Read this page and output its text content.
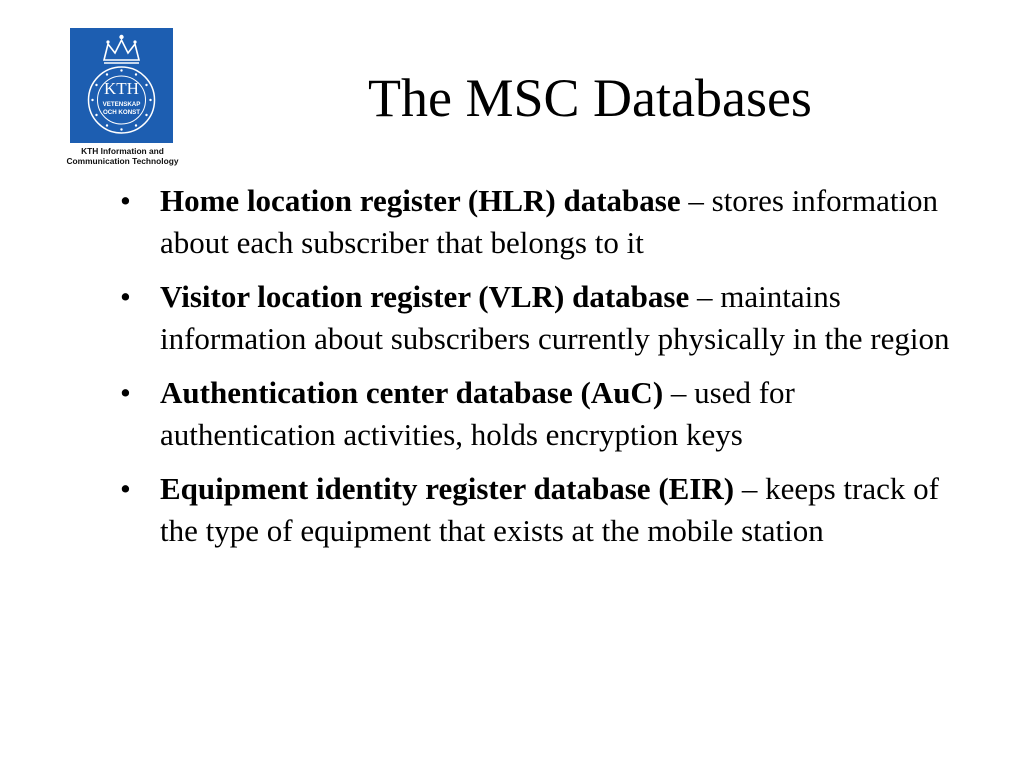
KTH
VETENSKAP
OCH KONST
KTH Information and
Communication Technology
The MSC Databases
• Home location register (HLR) database – stores information about each subscriber that belongs to it
• Visitor location register (VLR) database – maintains information about subscribers currently physically in the region
• Authentication center database (AuC) – used for authentication activities, holds encryption keys
• Equipment identity register database (EIR) – keeps track of the type of equipment that exists at the mobile station
